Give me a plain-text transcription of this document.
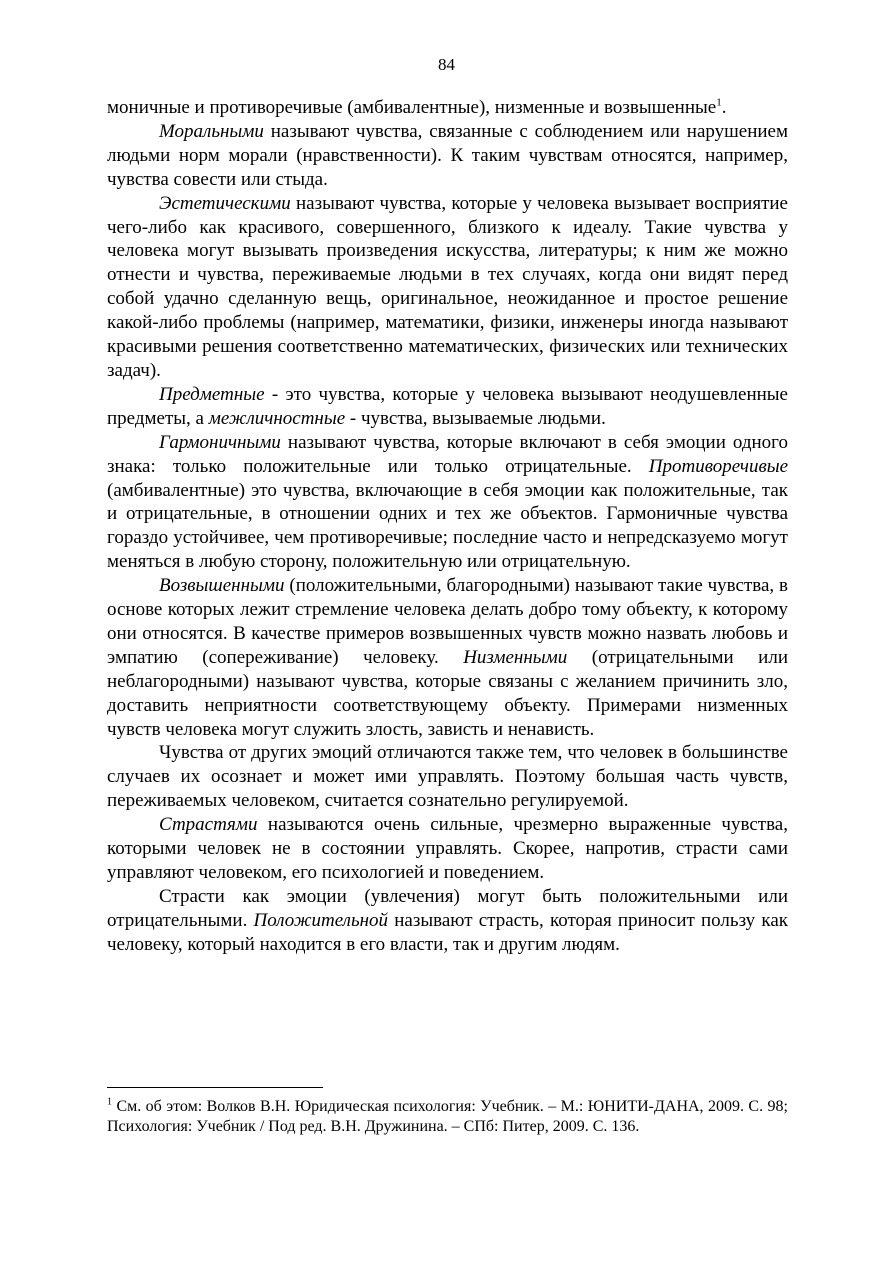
84

моничные и противоречивые (амбивалентные), низменные и возвышенные$^1$.

Моральными называют чувства, связанные с соблюдением или нарушением людьми норм морали (нравственности). К таким чувствам относятся, например, чувства совести или стыда.

Эстетическими называют чувства, которые у человека вызывает восприятие чего-либо как красивого, совершенного, близкого к идеалу. Такие чувства у человека могут вызывать произведения искусства, литературы; к ним же можно отнести и чувства, переживаемые людьми в тех случаях, когда они видят перед собой удачно сделанную вещь, оригинальное, неожиданное и простое решение какой-либо проблемы (например, математики, физики, инженеры иногда называют красивыми решения соответственно математических, физических или технических задач).

Предметные - это чувства, которые у человека вызывают неодушевленные предметы, а межличностные - чувства, вызываемые людьми.

Гармоничными называют чувства, которые включают в себя эмоции одного знака: только положительные или только отрицательные. Противоречивые (амбивалентные) это чувства, включающие в себя эмоции как положительные, так и отрицательные, в отношении одних и тех же объектов. Гармоничные чувства гораздо устойчивее, чем противоречивые; последние часто и непредсказуемо могут меняться в любую сторону, положительную или отрицательную.

Возвышенными (положительными, благородными) называют такие чувства, в основе которых лежит стремление человека делать добро тому объекту, к которому они относятся. В качестве примеров возвышенных чувств можно назвать любовь и эмпатию (сопереживание) человеку. Низменными (отрицательными или неблагородными) называют чувства, которые связаны с желанием причинить зло, доставить неприятности соответствующему объекту. Примерами низменных чувств человека могут служить злость, зависть и ненависть.

Чувства от других эмоций отличаются также тем, что человек в большинстве случаев их осознает и может ими управлять. Поэтому большая часть чувств, переживаемых человеком, считается сознательно регулируемой.

Страстями называются очень сильные, чрезмерно выраженные чувства, которыми человек не в состоянии управлять. Скорее, напротив, страсти сами управляют человеком, его психологией и поведением.

Страсти как эмоции (увлечения) могут быть положительными или отрицательными. Положительной называют страсть, которая приносит пользу как человеку, который находится в его власти, так и другим людям.

$^1$ См. об этом: Волков В.Н. Юридическая психология: Учебник. – М.: ЮНИТИ-ДАНА, 2009. С. 98; Психология: Учебник / Под ред. В.Н. Дружинина. – СПб: Питер, 2009. С. 136.
